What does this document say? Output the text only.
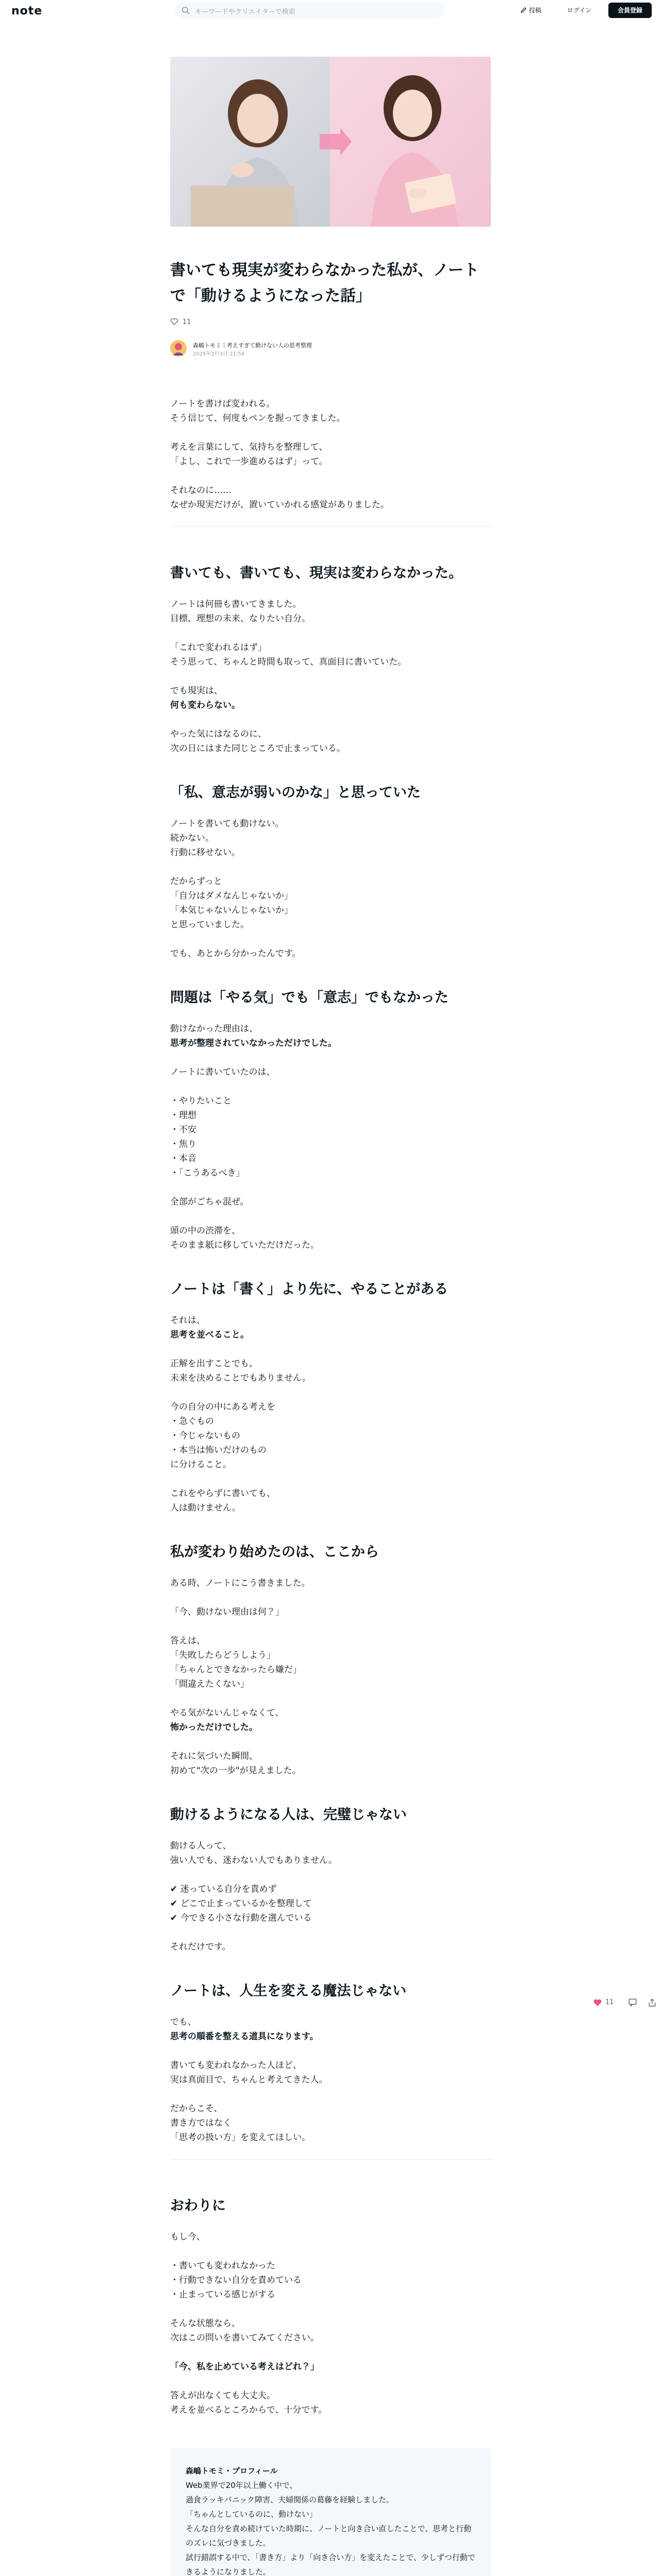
note	キーワードやクリエイターで検索	投稿	ログイン	会員登録
書いても現実が変わらなかった私が、ノートで「動けるようになった話」
11
森嶋トモミ｜考えすぎて動けない人の思考整理
2025年2月3日 21:54

ノートを書けば変われる。
そう信じて、何度もペンを握ってきました。

考えを言葉にして、気持ちを整理して、
「よし、これで一歩進めるはず」って。

それなのに……
なぜか現実だけが、置いていかれる感覚がありました。

書いても、書いても、現実は変わらなかった。

ノートは何冊も書いてきました。
目標、理想の未来、なりたい自分。

「これで変われるはず」
そう思って、ちゃんと時間も取って、真面目に書いていた。

でも現実は、
何も変わらない。

やった気にはなるのに、
次の日にはまた同じところで止まっている。

「私、意志が弱いのかな」と思っていた

ノートを書いても動けない。
続かない。
行動に移せない。

だからずっと
「自分はダメなんじゃないか」
「本気じゃないんじゃないか」
と思っていました。

でも、あとから分かったんです。

問題は「やる気」でも「意志」でもなかった

動けなかった理由は、
思考が整理されていなかっただけでした。

ノートに書いていたのは、

・やりたいこと
・理想
・不安
・焦り
・本音
・「こうあるべき」

全部がごちゃ混ぜ。

頭の中の渋滞を、
そのまま紙に移していただけだった。

ノートは「書く」より先に、やることがある

それは、
思考を並べること。

正解を出すことでも、
未来を決めることでもありません。

今の自分の中にある考えを
・急ぐもの
・今じゃないもの
・本当は怖いだけのもの
に分けること。

これをやらずに書いても、
人は動けません。

私が変わり始めたのは、ここから

ある時、ノートにこう書きました。

「今、動けない理由は何？」

答えは、
「失敗したらどうしよう」
「ちゃんとできなかったら嫌だ」
「間違えたくない」

やる気がないんじゃなくて、
怖かっただけでした。

それに気づいた瞬間、
初めて"次の一歩"が見えました。

動けるようになる人は、完璧じゃない

動ける人って、
強い人でも、迷わない人でもありません。

✔ 迷っている自分を責めず
✔ どこで止まっているかを整理して
✔ 今できる小さな行動を選んでいる

それだけです。

ノートは、人生を変える魔法じゃない

でも、
思考の順番を整える道具になります。

書いても変われなかった人ほど、
実は真面目で、ちゃんと考えてきた人。

だからこそ、
書き方ではなく
「思考の扱い方」を変えてほしい。

おわりに

もし今、

・書いても変われなかった
・行動できない自分を責めている
・止まっている感じがする

そんな状態なら、
次はこの問いを書いてみてください。

「今、私を止めている考えはどれ？」

答えが出なくても大丈夫。
考えを並べるところからで、十分です。

森嶋トモミ・プロフィール
Web業界で20年以上働く中で、
過食ラッキパニック障害、夫婦関係の葛藤を経験しました。
「ちゃんとしているのに、動けない」
そんな自分を責め続けていた時期に、ノートと向き合い直したことで、思考と行動のズレに気づきました。
試行錯誤する中で、「書き方」より「向き合い方」を変えたことで、少しずつ行動できるようになりました。
11
